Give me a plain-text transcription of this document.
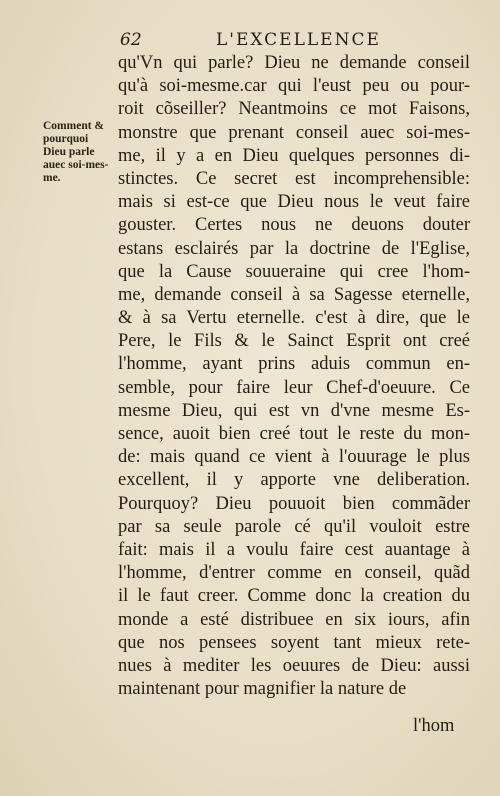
62	L'EXCELLENCE
Comment &
pourquoi
Dieu parle
auec soi-mes-
me.
qu'Vn qui parle? Dieu ne demande conseil
qu'à soi-mesme.car qui l'eust peu ou pour-
roit cõseiller? Neantmoins ce mot Faisons,
monstre que prenant conseil auec soi-mes-
me, il y a en Dieu quelques personnes di-
stinctes. Ce secret est incomprehensible:
mais si est-ce que Dieu nous le veut faire
gouster. Certes nous ne deuons douter
estans esclairés par la doctrine de l'Eglise,
que la Cause souueraine qui cree l'hom-
me, demande conseil à sa Sagesse eternelle,
& à sa Vertu eternelle. c'est à dire, que le
Pere, le Fils & le Sainct Esprit ont creé
l'homme, ayant prins aduis commun en-
semble, pour faire leur Chef-d'oeuure. Ce
mesme Dieu, qui est vn d'vne mesme Es-
sence, auoit bien creé tout le reste du mon-
de: mais quand ce vient à l'ouurage le plus
excellent, il y apporte vne deliberation.
Pourquoy? Dieu pouuoit bien commãder
par sa seule parole cé qu'il vouloit estre
fait: mais il a voulu faire cest auantage à
l'homme, d'entrer comme en conseil, quãd
il le faut creer. Comme donc la creation du
monde a esté distribuee en six iours, afin
que nos pensees soyent tant mieux rete-
nues à mediter les oeuures de Dieu: aussi
maintenant pour magnifier la nature de
l'hom
